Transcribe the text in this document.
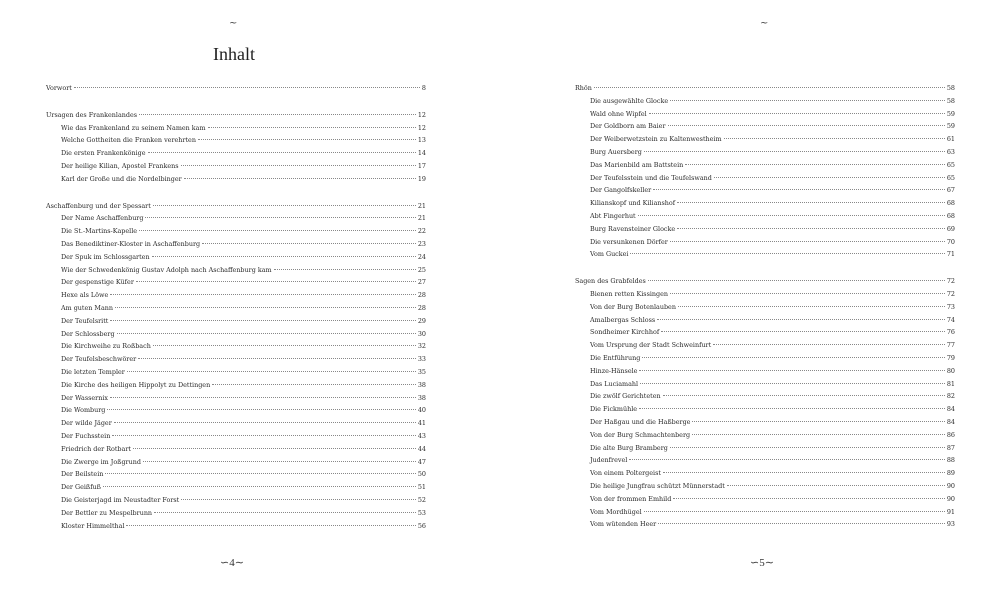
~
Inhalt
Vorwort	8
Ursagen des Frankenlandes	12
Wie das Frankenland zu seinem Namen kam	12
Welche Gottheiten die Franken verehrten	13
Die ersten Frankenkönige	14
Der heilige Kilian, Apostel Frankens	17
Karl der Große und die Nordelbinger	19
Aschaffenburg und der Spessart	21
Der Name Aschaffenburg	21
Die St.-Martins-Kapelle	22
Das Benediktiner-Kloster in Aschaffenburg	23
Der Spuk im Schlossgarten	24
Wie der Schwedenkönig Gustav Adolph nach Aschaffenburg kam	25
Der gespenstige Küfer	27
Hexe als Löwe	28
Am guten Mann	28
Der Teufelsritt	29
Der Schlossberg	30
Die Kirchweihe zu Roßbach	32
Der Teufelsbeschwörer	33
Die letzten Templer	35
Die Kirche des heiligen Hippolyt zu Dettingen	38
Der Wassernix	38
Die Womburg	40
Der wilde Jäger	41
Der Fuchsstein	43
Friedrich der Rotbart	44
Die Zwerge im Joßgrund	47
Der Beilstein	50
Der Geißfuß	51
Die Geisterjagd im Neustadter Forst	52
Der Bettler zu Mespelbrunn	53
Kloster Himmelthal	56
∽4∼
~
Rhön	58
Die ausgewählte Glocke	58
Wald ohne Wipfel	59
Der Goldborn am Baier	59
Der Weiberwetzstein zu Kaltenwestheim	61
Burg Auersberg	63
Das Marienbild am Battstein	65
Der Teufelsstein und die Teufelswand	65
Der Gangolfskeller	67
Kilianskopf und Kilianshof	68
Abt Fingerhut	68
Burg Ravensteiner Glocke	69
Die versunkenen Dörfer	70
Vom Guckei	71
Sagen des Grabfeldes	72
Bienen retten Kissingen	72
Von der Burg Botenlauben	73
Amalbergas Schloss	74
Sondheimer Kirchhof	76
Vom Ursprung der Stadt Schweinfurt	77
Die Entführung	79
Hinze-Hänsele	80
Das Luciamahl	81
Die zwölf Gerichteten	82
Die Fickmühle	84
Der Haßgau und die Haßberge	84
Von der Burg Schmachtenberg	86
Die alte Burg Bramberg	87
Judenfrevel	88
Von einem Poltergeist	89
Die heilige Jungfrau schützt Münnerstadt	90
Von der frommen Emhild	90
Vom Mordhügel	91
Vom wütenden Heer	93
∽5∼
